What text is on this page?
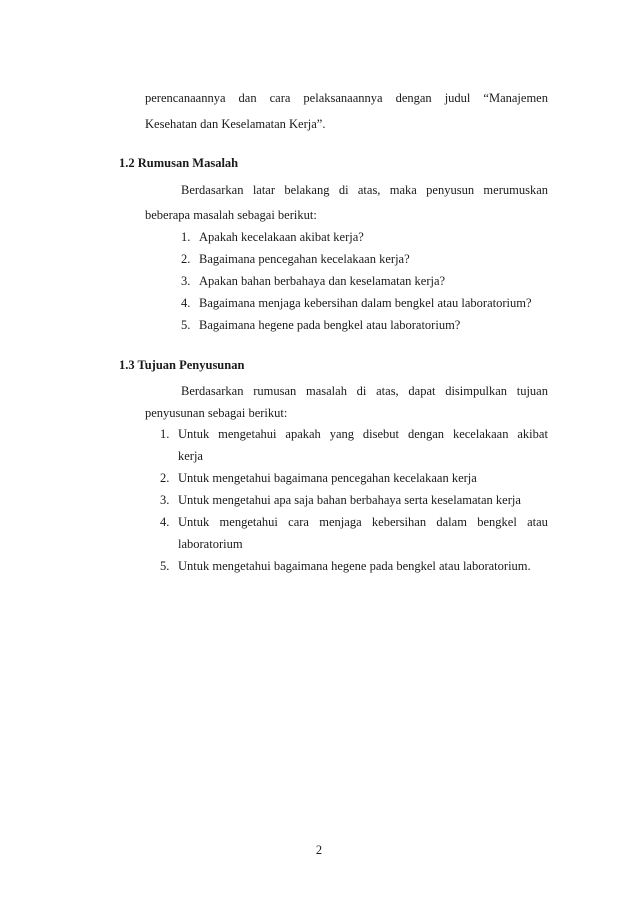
perencanaannya dan cara pelaksanaannya dengan judul “Manajemen
Kesehatan dan Keselamatan Kerja”.
1.2 Rumusan Masalah
Berdasarkan latar belakang di atas, maka penyusun merumuskan
beberapa masalah sebagai berikut:
1. Apakah kecelakaan akibat kerja?
2. Bagaimana pencegahan kecelakaan kerja?
3. Apakan bahan berbahaya dan keselamatan kerja?
4. Bagaimana menjaga kebersihan dalam bengkel atau laboratorium?
5. Bagaimana hegene pada bengkel atau laboratorium?
1.3 Tujuan Penyusunan
Berdasarkan rumusan masalah di atas, dapat disimpulkan tujuan
penyusunan sebagai berikut:
1. Untuk mengetahui apakah yang disebut dengan kecelakaan akibat
kerja
2. Untuk mengetahui bagaimana pencegahan kecelakaan kerja
3. Untuk mengetahui apa saja bahan berbahaya serta keselamatan kerja
4. Untuk mengetahui cara menjaga kebersihan dalam bengkel atau
laboratorium
5. Untuk mengetahui bagaimana hegene pada bengkel atau laboratorium.
2
